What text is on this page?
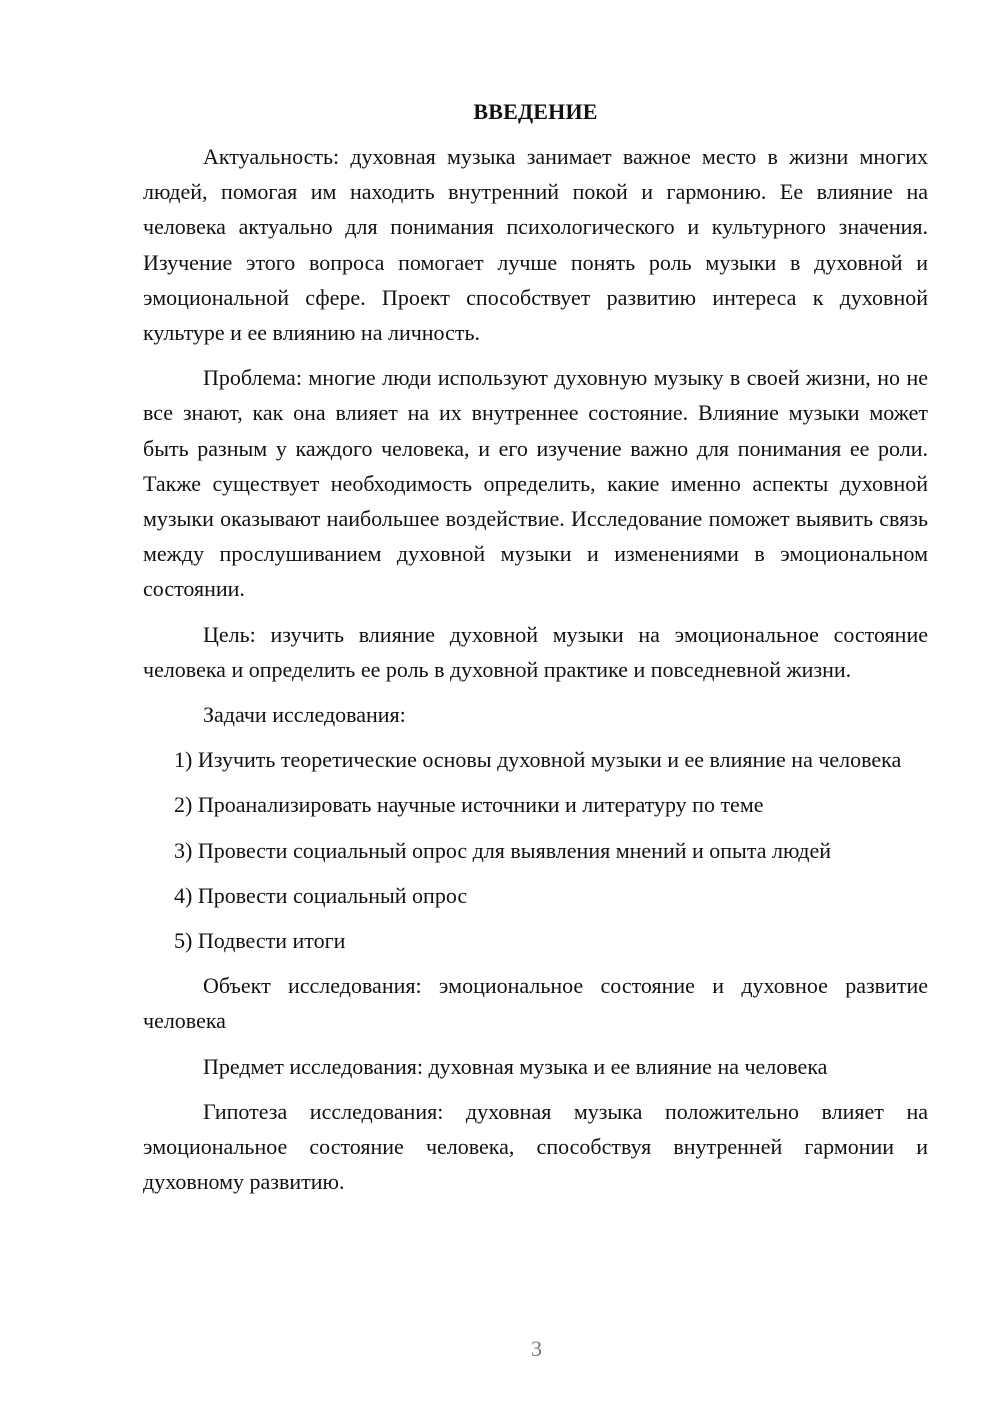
ВВЕДЕНИЕ

Актуальность: духовная музыка занимает важное место в жизни многих людей, помогая им находить внутренний покой и гармонию. Ее влияние на человека актуально для понимания психологического и культурного значения. Изучение этого вопроса помогает лучше понять роль музыки в духовной и эмоциональной сфере. Проект способствует развитию интереса к духовной культуре и ее влиянию на личность.

Проблема: многие люди используют духовную музыку в своей жизни, но не все знают, как она влияет на их внутреннее состояние. Влияние музыки может быть разным у каждого человека, и его изучение важно для понимания ее роли. Также существует необходимость определить, какие именно аспекты духовной музыки оказывают наибольшее воздействие. Исследование поможет выявить связь между прослушиванием духовной музыки и изменениями в эмоциональном состоянии.

Цель: изучить влияние духовной музыки на эмоциональное состояние человека и определить ее роль в духовной практике и повседневной жизни.

Задачи исследования:

1) Изучить теоретические основы духовной музыки и ее влияние на человека

2) Проанализировать научные источники и литературу по теме

3) Провести социальный опрос для выявления мнений и опыта людей

4) Провести социальный опрос

5) Подвести итоги

Объект исследования: эмоциональное состояние и духовное развитие человека

Предмет исследования: духовная музыка и ее влияние на человека

Гипотеза исследования: духовная музыка положительно влияет на эмоциональное состояние человека, способствуя внутренней гармонии и духовному развитию.

3
